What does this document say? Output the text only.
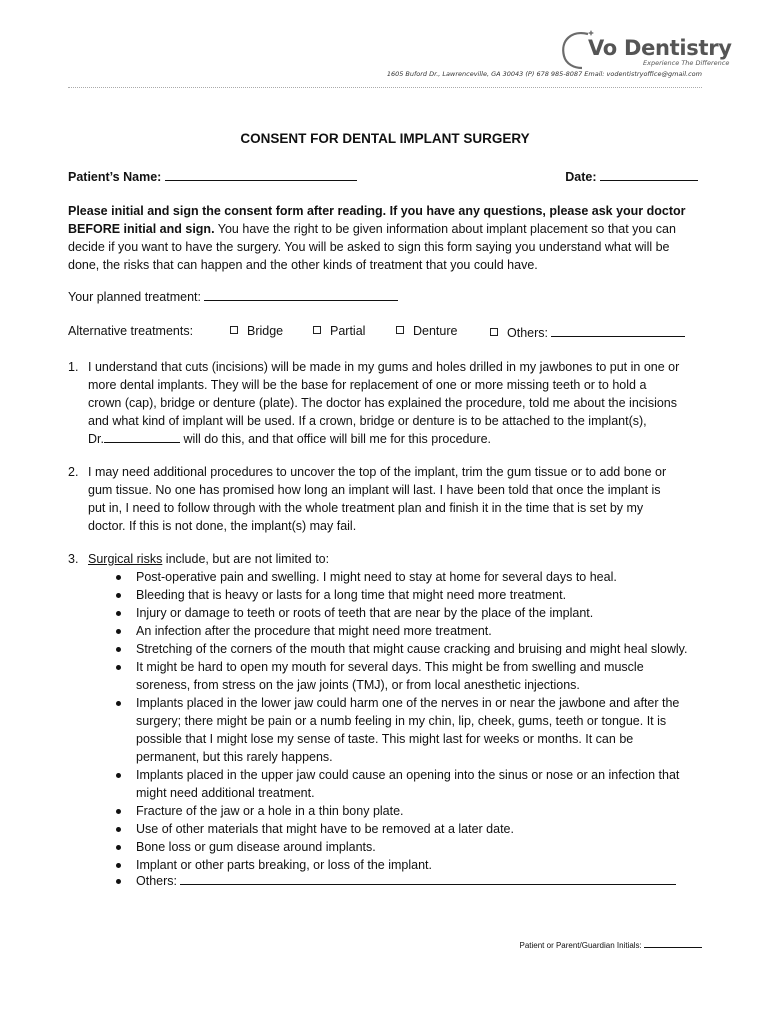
Vo Dentistry
Experience The Difference
1605 Buford Dr., Lawrenceville, GA 30043 (P) 678 985-8087 Email: vodentistryoffice@gmail.com
CONSENT FOR DENTAL IMPLANT SURGERY
Patient’s Name:	Date:
Please initial and sign the consent form after reading. If you have any questions, please ask your doctor
BEFORE initial and sign. You have the right to be given information about implant placement so that you can
decide if you want to have the surgery. You will be asked to sign this form saying you understand what will be
done, the risks that can happen and the other kinds of treatment that you could have.
Your planned treatment:
Alternative treatments:	Bridge	Partial	Denture	Others:
1. I understand that cuts (incisions) will be made in my gums and holes drilled in my jawbones to put in one or
more dental implants. They will be the base for replacement of one or more missing teeth or to hold a
crown (cap), bridge or denture (plate). The doctor has explained the procedure, told me about the incisions
and what kind of implant will be used. If a crown, bridge or denture is to be attached to the implant(s),
Dr.	will do this, and that office will bill me for this procedure.
2. I may need additional procedures to uncover the top of the implant, trim the gum tissue or to add bone or
gum tissue. No one has promised how long an implant will last. I have been told that once the implant is
put in, I need to follow through with the whole treatment plan and finish it in the time that is set by my
doctor. If this is not done, the implant(s) may fail.
3. Surgical risks include, but are not limited to:
Post-operative pain and swelling. I might need to stay at home for several days to heal.
Bleeding that is heavy or lasts for a long time that might need more treatment.
Injury or damage to teeth or roots of teeth that are near by the place of the implant.
An infection after the procedure that might need more treatment.
Stretching of the corners of the mouth that might cause cracking and bruising and might heal slowly.
It might be hard to open my mouth for several days. This might be from swelling and muscle
soreness, from stress on the jaw joints (TMJ), or from local anesthetic injections.
Implants placed in the lower jaw could harm one of the nerves in or near the jawbone and after the
surgery; there might be pain or a numb feeling in my chin, lip, cheek, gums, teeth or tongue. It is
possible that I might lose my sense of taste. This might last for weeks or months. It can be
permanent, but this rarely happens.
Implants placed in the upper jaw could cause an opening into the sinus or nose or an infection that
might need additional treatment.
Fracture of the jaw or a hole in a thin bony plate.
Use of other materials that might have to be removed at a later date.
Bone loss or gum disease around implants.
Implant or other parts breaking, or loss of the implant.
Others:
Patient or Parent/Guardian Initials:
